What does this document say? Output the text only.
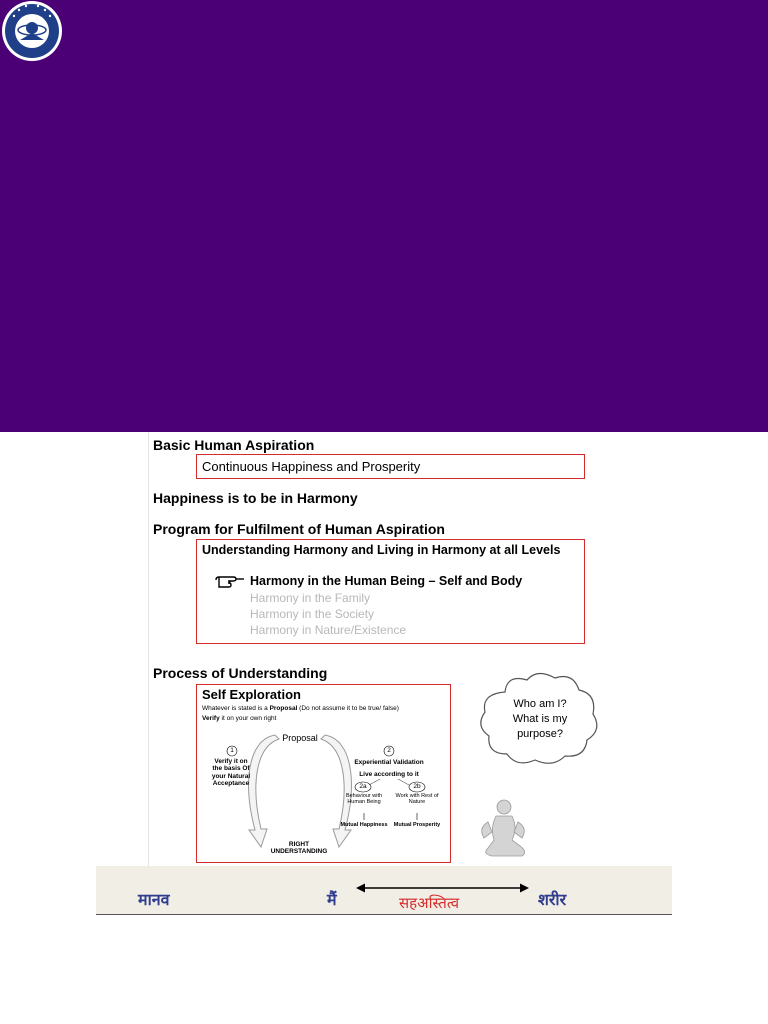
Basic Human Aspiration
Continuous Happiness and Prosperity
Happiness is to be in Harmony
Program for Fulfilment of Human Aspiration
Understanding Harmony and Living in Harmony at all Levels
Harmony in the Human Being – Self and Body
Harmony in the Family
Harmony in the Society
Harmony in Nature/Existence
Process of Understanding
Self Exploration
Whatever is stated is a Proposal (Do not assume it to be true/ false)
Verify it on your own right
Proposal
1
Verify it on the basis Of your Natural Acceptance
2
Experiential Validation
Live according to it
2a	2b
Behaviour with Human Being
Work with Rest of Nature
Mutual Happiness	Mutual Prosperity
RIGHT UNDERSTANDING
Who am I?
What is my
purpose?
मानव	मैं	सहअस्तित्व	शरीर
